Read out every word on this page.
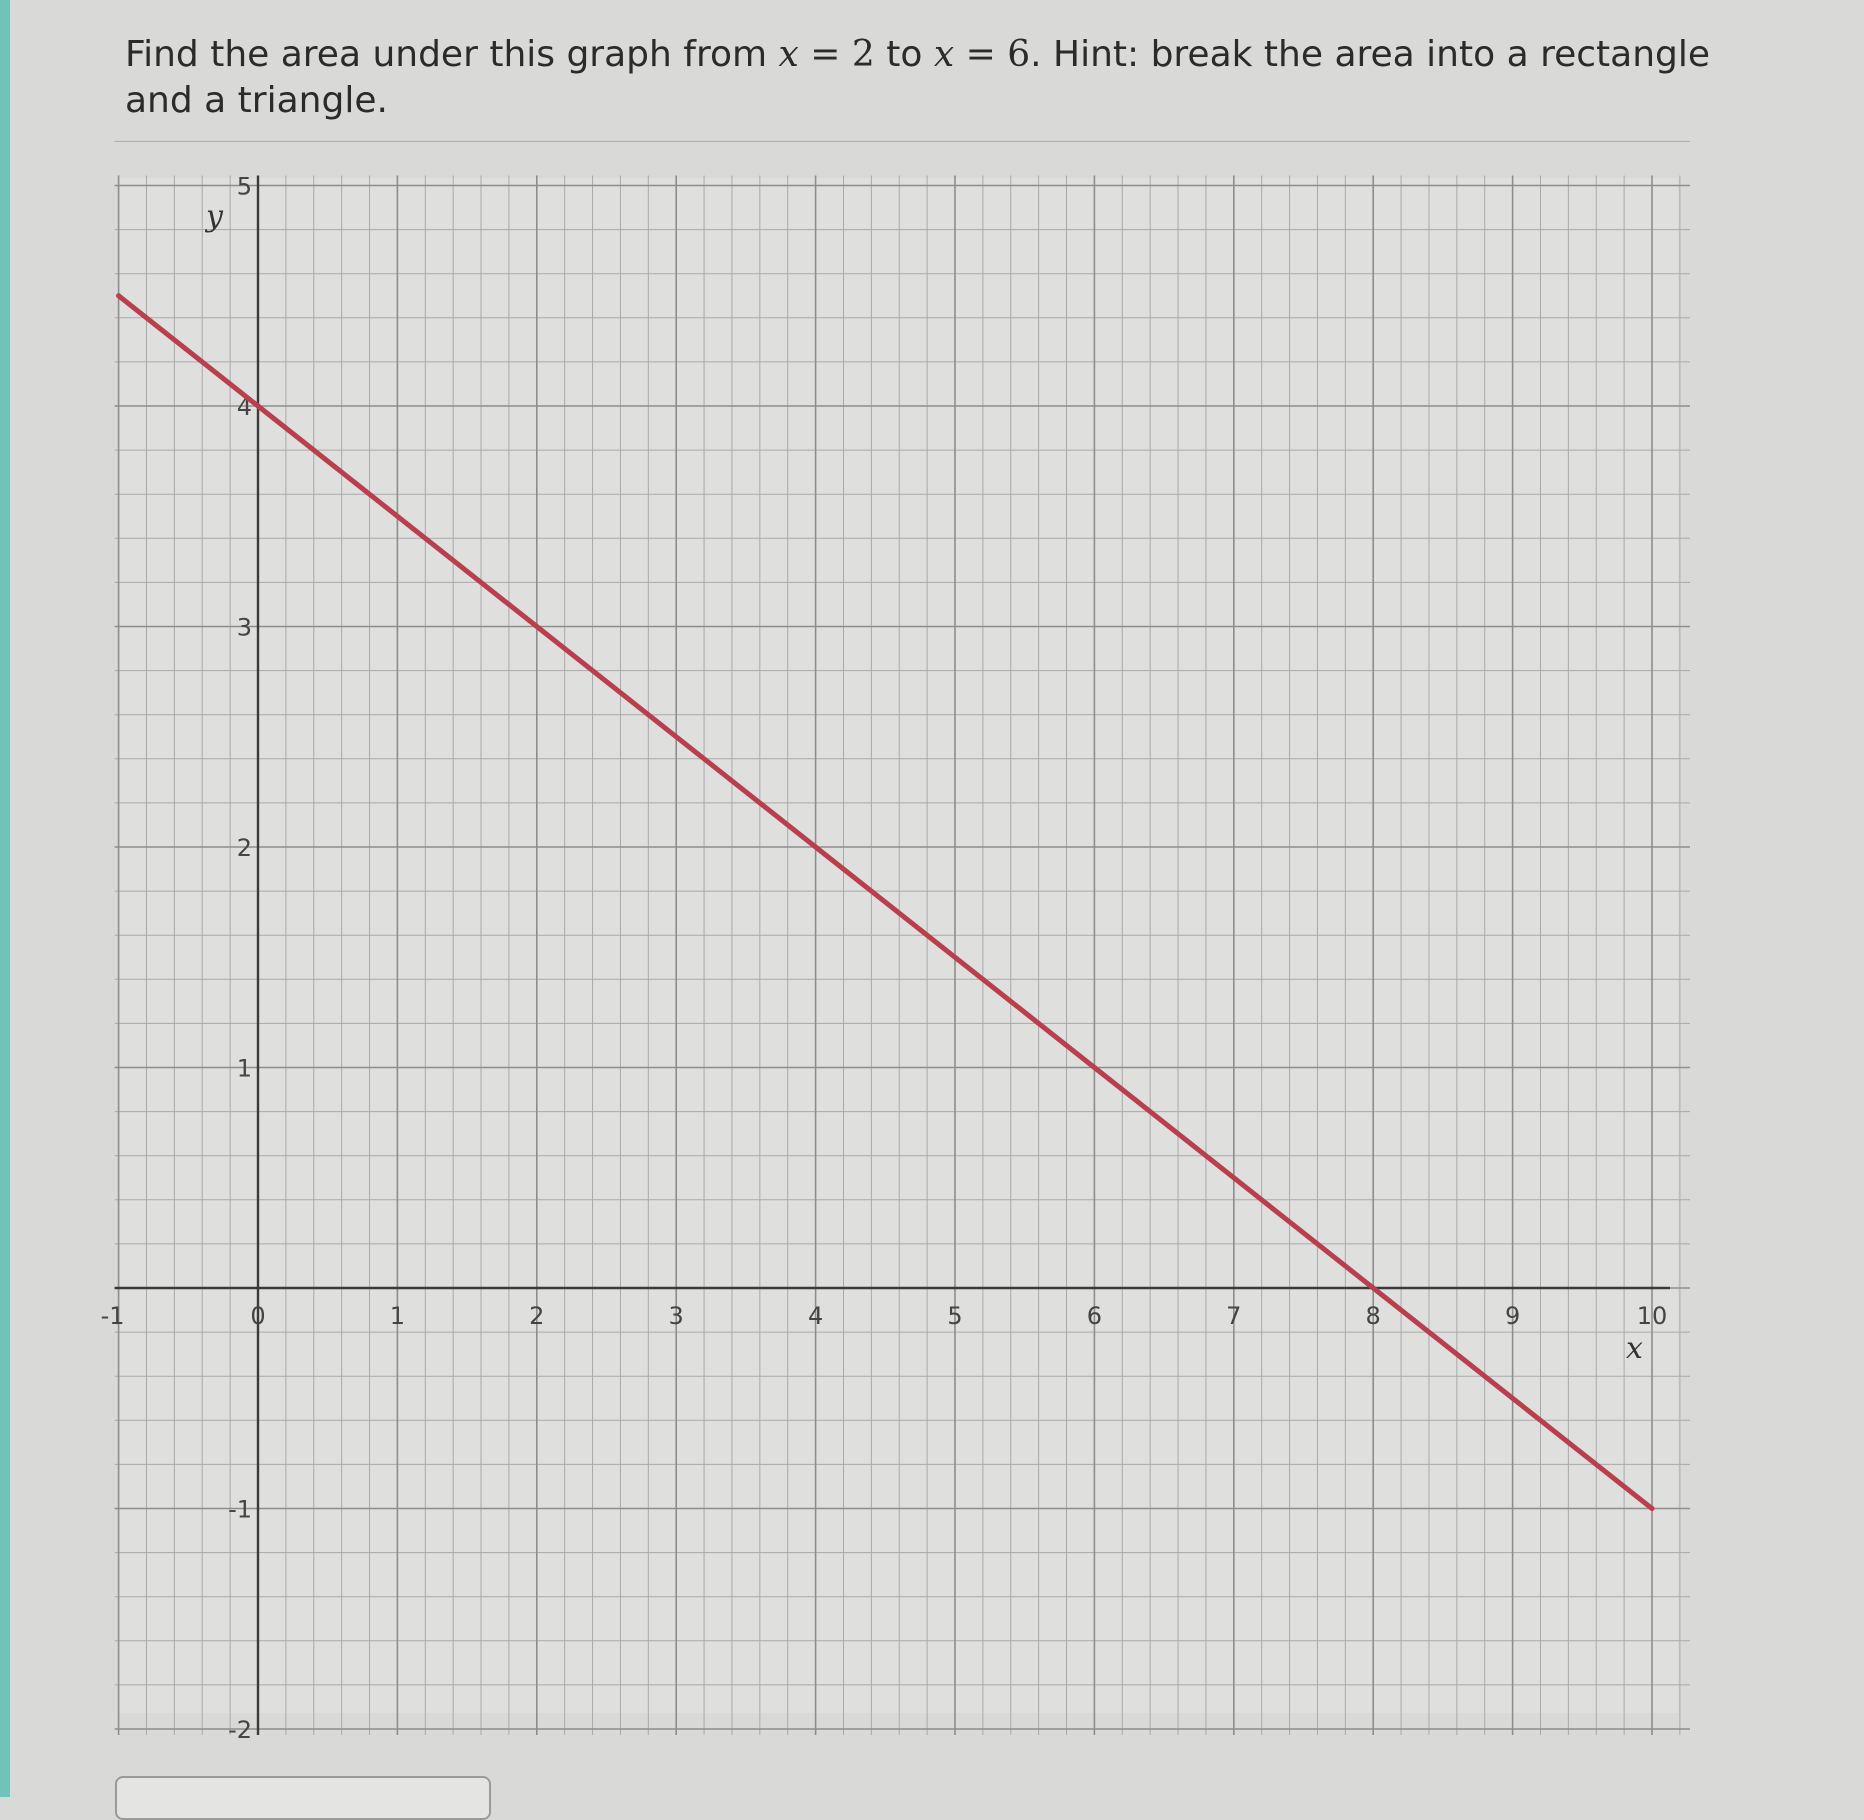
Find the area under this graph from x = 2 to x = 6. Hint: break the area into a rectangle and a triangle.
-1	0	1	2	3	4	5	6	7	8	9	10
5
4
3
2
1
-1
-2
x
y
